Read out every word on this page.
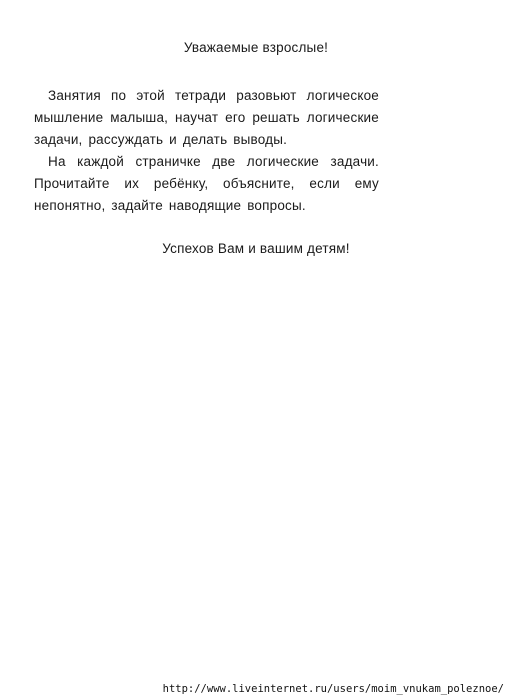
Уважаемые взрослые!

Занятия по этой тетради разовьют логическое
мышление малыша, научат его решать логические
задачи, рассуждать и делать выводы.

На каждой страничке две логические задачи.
Прочитайте их ребёнку, объясните, если ему
непонятно, задайте наводящие вопросы.

Успехов Вам и вашим детям!
http://www.liveinternet.ru/users/moim_vnukam_poleznoe/
